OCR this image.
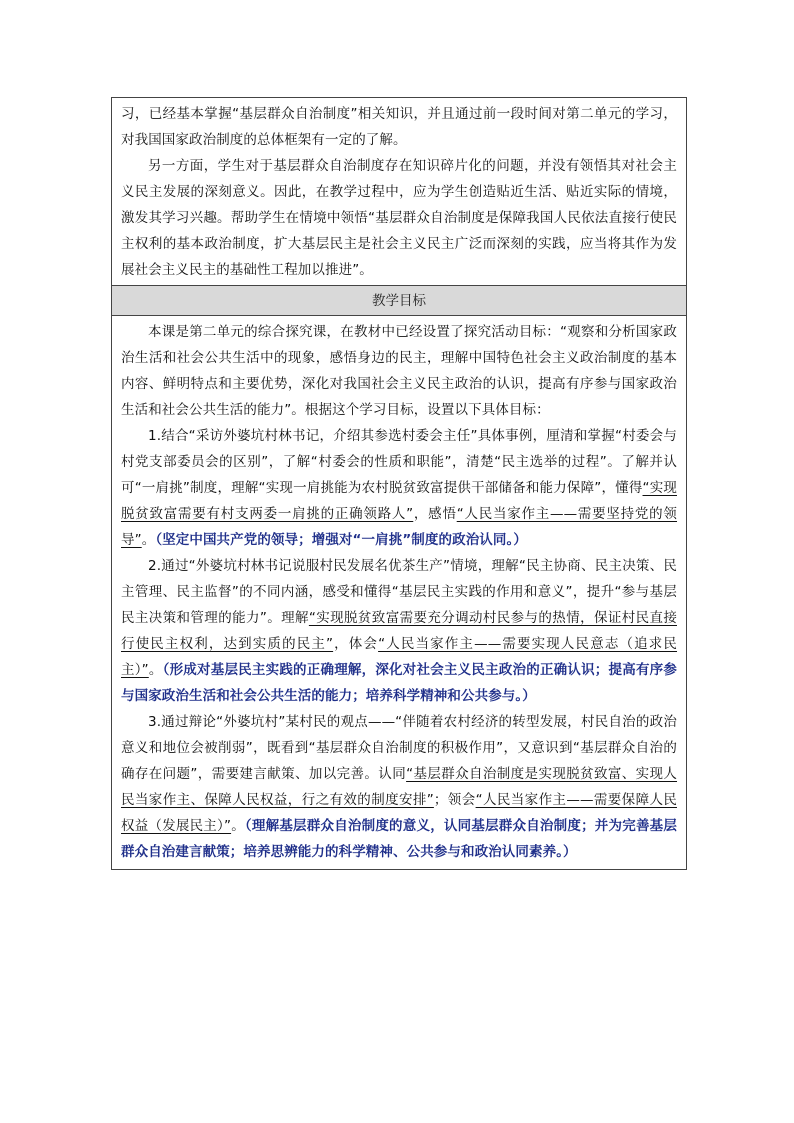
习，已经基本掌握“基层群众自治制度”相关知识，并且通过前一段时间对第二单元的学习，对我国国家政治制度的总体框架有一定的了解。

另一方面，学生对于基层群众自治制度存在知识碎片化的问题，并没有领悟其对社会主义民主发展的深刻意义。因此，在教学过程中，应为学生创造贴近生活、贴近实际的情境，激发其学习兴趣。帮助学生在情境中领悟“基层群众自治制度是保障我国人民依法直接行使民主权利的基本政治制度，扩大基层民主是社会主义民主广泛而深刻的实践，应当将其作为发展社会主义民主的基础性工程加以推进”。

教学目标

本课是第二单元的综合探究课，在教材中已经设置了探究活动目标：“观察和分析国家政治生活和社会公共生活中的现象，感悟身边的民主，理解中国特色社会主义政治制度的基本内容、鲜明特点和主要优势，深化对我国社会主义民主政治的认识，提高有序参与国家政治生活和社会公共生活的能力”。根据这个学习目标，设置以下具体目标：

1.结合“采访外婆坑村林书记，介绍其参选村委会主任”具体事例，厘清和掌握“村委会与村党支部委员会的区别”，了解“村委会的性质和职能”，清楚“民主选举的过程”。了解并认可“一肩挑”制度，理解“实现一肩挑能为农村脱贫致富提供干部储备和能力保障”，懂得“实现脱贫致富需要有村支两委一肩挑的正确领路人”，感悟“人民当家作主——需要坚持党的领导”。（坚定中国共产党的领导；增强对“一肩挑”制度的政治认同。）

2.通过“外婆坑村林书记说服村民发展名优茶生产”情境，理解“民主协商、民主决策、民主管理、民主监督”的不同内涵，感受和懂得“基层民主实践的作用和意义”，提升“参与基层民主决策和管理的能力”。理解“实现脱贫致富需要充分调动村民参与的热情，保证村民直接行使民主权利，达到实质的民主”，体会“人民当家作主——需要实现人民意志（追求民主）”。（形成对基层民主实践的正确理解，深化对社会主义民主政治的正确认识；提高有序参与国家政治生活和社会公共生活的能力；培养科学精神和公共参与。）

3.通过辩论“外婆坑村”某村民的观点——“伴随着农村经济的转型发展，村民自治的政治意义和地位会被削弱”，既看到“基层群众自治制度的积极作用”，又意识到“基层群众自治的确存在问题”，需要建言献策、加以完善。认同“基层群众自治制度是实现脱贫致富、实现人民当家作主、保障人民权益，行之有效的制度安排”；领会“人民当家作主——需要保障人民权益（发展民主）”。（理解基层群众自治制度的意义，认同基层群众自治制度；并为完善基层群众自治建言献策；培养思辨能力的科学精神、公共参与和政治认同素养。）
